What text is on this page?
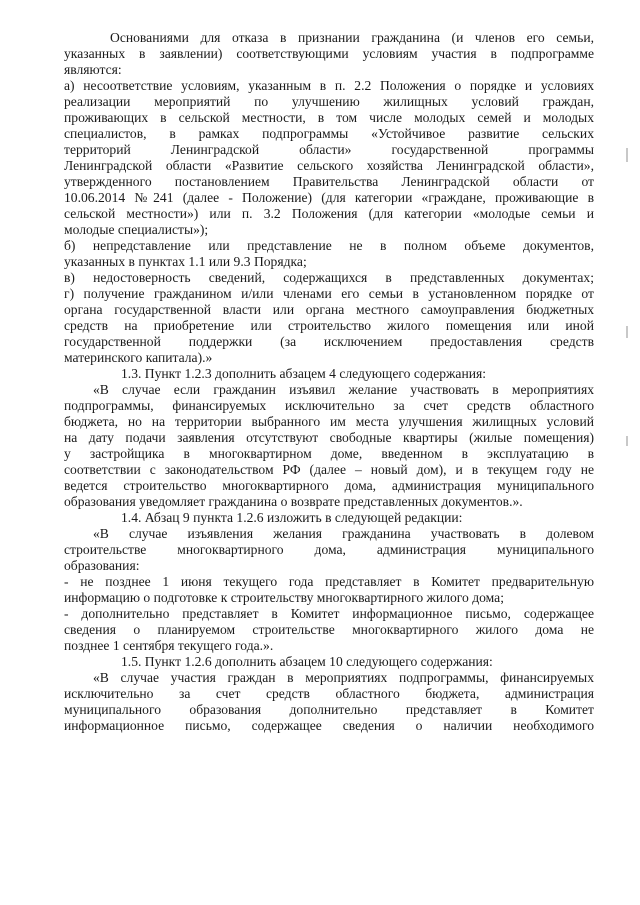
Основаниями для отказа в признании гражданина (и членов его семьи,
указанных в заявлении) соответствующими условиям участия в подпрограмме
являются:
а) несоответствие условиям, указанным в п. 2.2 Положения о порядке и условиях
реализации мероприятий по улучшению жилищных условий граждан,
проживающих в сельской местности, в том числе молодых семей и молодых
специалистов, в рамках подпрограммы «Устойчивое развитие сельских
территорий Ленинградской области» государственной программы
Ленинградской области «Развитие сельского хозяйства Ленинградской области»,
утвержденного постановлением Правительства Ленинградской области от
10.06.2014 №241 (далее - Положение) (для категории «граждане, проживающие в
сельской местности») или п. 3.2 Положения (для категории «молодые семьи и
молодые специалисты»);
б) непредставление или представление не в полном объеме документов,
указанных в пунктах 1.1 или 9.3 Порядка;
в) недостоверность сведений, содержащихся в представленных документах;
г) получение гражданином и/или членами его семьи в установленном порядке от
органа государственной власти или органа местного самоуправления бюджетных
средств на приобретение или строительство жилого помещения или иной
государственной поддержки (за исключением предоставления средств
материнского капитала).»
1.3. Пункт 1.2.3 дополнить абзацем 4 следующего содержания:
«В случае если гражданин изъявил желание участвовать в мероприятиях
подпрограммы, финансируемых исключительно за счет средств областного
бюджета, но на территории выбранного им места улучшения жилищных условий
на дату подачи заявления отсутствуют свободные квартиры (жилые помещения)
у застройщика в многоквартирном доме, введенном в эксплуатацию в
соответствии с законодательством РФ (далее – новый дом), и в текущем году не
ведется строительство многоквартирного дома, администрация муниципального
образования уведомляет гражданина о возврате представленных документов.».
1.4. Абзац 9 пункта 1.2.6 изложить в следующей редакции:
«В случае изъявления желания гражданина участвовать в долевом
строительстве многоквартирного дома, администрация муниципального
образования:
- не позднее 1 июня текущего года представляет в Комитет предварительную
информацию о подготовке к строительству многоквартирного жилого дома;
- дополнительно представляет в Комитет информационное письмо, содержащее
сведения о планируемом строительстве многоквартирного жилого дома не
позднее 1 сентября текущего года.».
1.5. Пункт 1.2.6 дополнить абзацем 10 следующего содержания:
«В случае участия граждан в мероприятиях подпрограммы, финансируемых
исключительно за счет средств областного бюджета, администрация
муниципального образования дополнительно представляет в Комитет
информационное письмо, содержащее сведения о наличии необходимого
